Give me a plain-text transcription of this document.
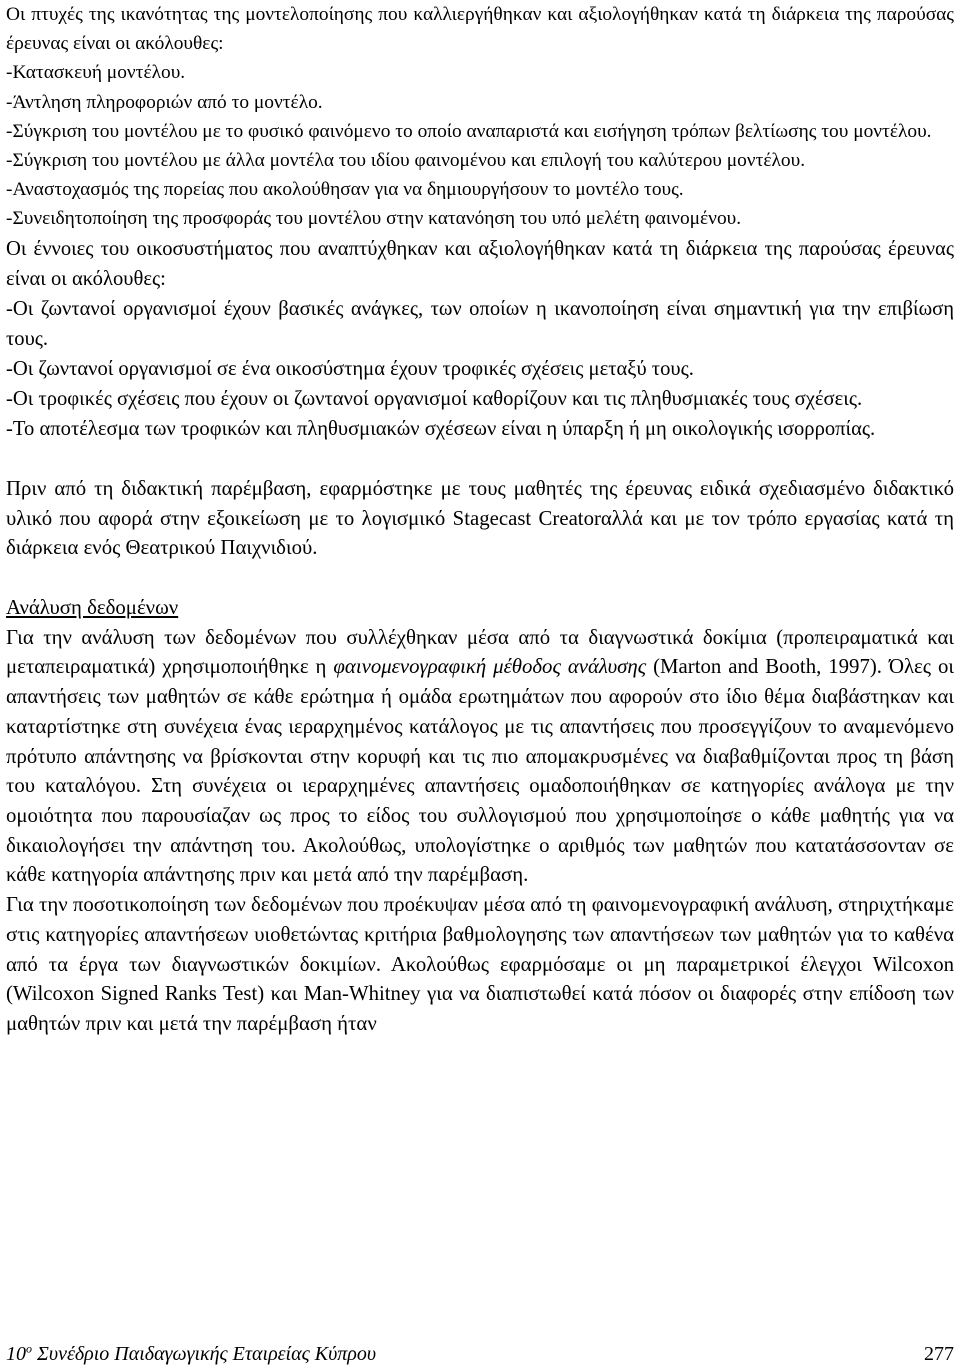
Οι πτυχές της ικανότητας της μοντελοποίησης που καλλιεργήθηκαν και αξιολογήθηκαν κατά τη διάρκεια της παρούσας έρευνας είναι οι ακόλουθες:

-Κατασκευή μοντέλου.

-Άντληση πληροφοριών από το μοντέλο.

-Σύγκριση του μοντέλου με το φυσικό φαινόμενο το οποίο αναπαριστά και εισήγηση τρόπων βελτίωσης του μοντέλου.

-Σύγκριση του μοντέλου με άλλα μοντέλα του ιδίου φαινομένου και επιλογή του καλύτερου μοντέλου.

-Αναστοχασμός της πορείας που ακολούθησαν για να δημιουργήσουν το μοντέλο τους.

-Συνειδητοποίηση της προσφοράς του μοντέλου στην κατανόηση του υπό μελέτη φαινομένου.

Οι έννοιες του οικοσυστήματος που αναπτύχθηκαν και αξιολογήθηκαν κατά τη διάρκεια της παρούσας έρευνας είναι οι ακόλουθες:

-Οι ζωντανοί οργανισμοί έχουν βασικές ανάγκες, των οποίων η ικανοποίηση είναι σημαντική για την επιβίωση τους.

-Οι ζωντανοί οργανισμοί σε ένα οικοσύστημα έχουν τροφικές σχέσεις μεταξύ τους.

-Οι τροφικές σχέσεις που έχουν οι ζωντανοί οργανισμοί καθορίζουν και τις πληθυσμιακές τους σχέσεις.

-Το αποτέλεσμα των τροφικών και πληθυσμιακών σχέσεων είναι η ύπαρξη ή μη οικολογικής ισορροπίας.

Πριν από τη διδακτική παρέμβαση, εφαρμόστηκε με τους μαθητές της έρευνας ειδικά σχεδιασμένο διδακτικό υλικό που αφορά στην εξοικείωση με το λογισμικό Stagecast Creatorαλλά και με τον τρόπο εργασίας κατά τη διάρκεια ενός Θεατρικού Παιχνιδιού.

Ανάλυση δεδομένων

Για την ανάλυση των δεδομένων που συλλέχθηκαν μέσα από τα διαγνωστικά δοκίμια (προπειραματικά και μεταπειραματικά) χρησιμοποιήθηκε η φαινομενογραφική μέθοδος ανάλυσης (Marton and Booth, 1997). Όλες οι απαντήσεις των μαθητών σε κάθε ερώτημα ή ομάδα ερωτημάτων που αφορούν στο ίδιο θέμα διαβάστηκαν και καταρτίστηκε στη συνέχεια ένας ιεραρχημένος κατάλογος με τις απαντήσεις που προσεγγίζουν το αναμενόμενο πρότυπο απάντησης να βρίσκονται στην κορυφή και τις πιο απομακρυσμένες να διαβαθμίζονται προς τη βάση του καταλόγου. Στη συνέχεια οι ιεραρχημένες απαντήσεις ομαδοποιήθηκαν σε κατηγορίες ανάλογα με την ομοιότητα που παρουσίαζαν ως προς το είδος του συλλογισμού που χρησιμοποίησε ο κάθε μαθητής για να δικαιολογήσει την απάντηση του. Ακολούθως, υπολογίστηκε ο αριθμός των μαθητών που κατατάσσονταν σε κάθε κατηγορία απάντησης πριν και μετά από την παρέμβαση.

Για την ποσοτικοποίηση των δεδομένων που προέκυψαν μέσα από τη φαινομενογραφική ανάλυση, στηριχτήκαμε στις κατηγορίες απαντήσεων υιοθετώντας κριτήρια βαθμολογησης των απαντήσεων των μαθητών για το καθένα από τα έργα των διαγνωστικών δοκιμίων. Ακολούθως εφαρμόσαμε οι μη παραμετρικοί έλεγχοι Wilcoxon (Wilcoxon Signed Ranks Test) και Man-Whitney για να διαπιστωθεί κατά πόσον οι διαφορές στην επίδοση των μαθητών πριν και μετά την παρέμβαση ήταν

$10^o$ Συνέδριο Παιδαγωγικής Εταιρείας Κύπρου	277
